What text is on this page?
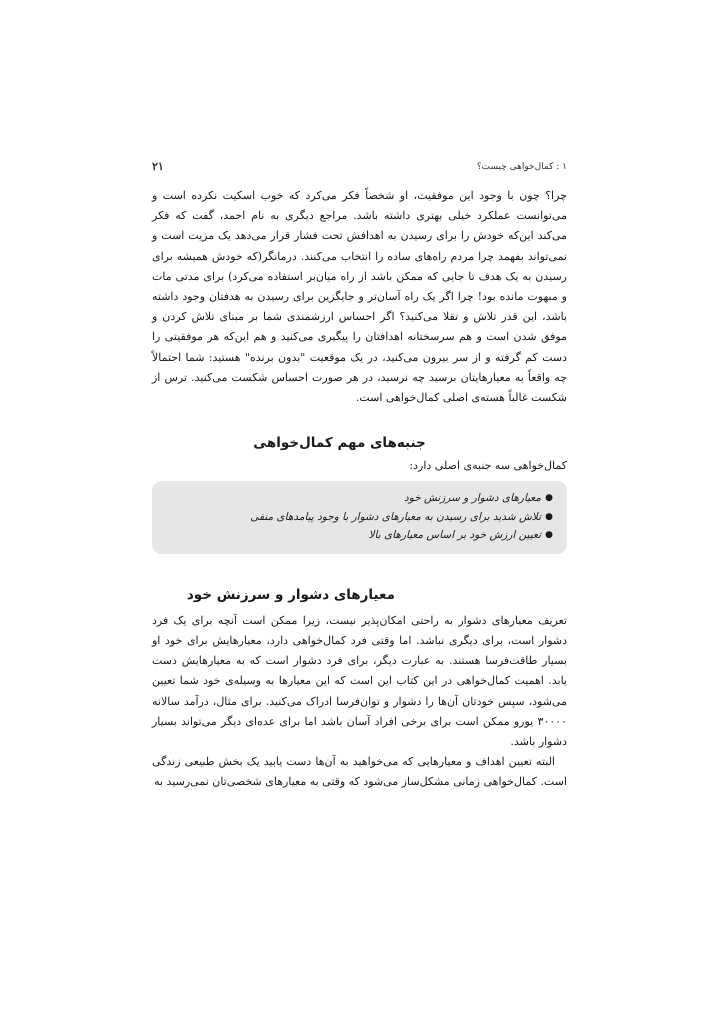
۱ : کمال‌خواهی چیست؟
۲۱

چرا؟ چون با وجود این موفقیت، او شخصاً فکر می‌کرد که خوب اسکیت نکرده است و می‌توانست عملکرد خیلی بهتری داشته باشد. مراجع دیگری به نام احمد، گفت که فکر می‌کند این‌که خودش را برای رسیدن به اهدافش تحت فشار قرار می‌دهد یک مزیت است و نمی‌تواند بفهمد چرا مردم راه‌های ساده را انتخاب می‌کنند. درمانگر(که خودش همیشه برای رسیدن به یک هدف تا جایی که ممکن باشد از راه میان‌بر استفاده می‌کرد) برای مدتی مات و مبهوت مانده بود! چرا اگر یک راه آسان‌تر و جایگزین برای رسیدن به هدفتان وجود داشته باشد، این قدر تلاش و تقلا می‌کنید؟ اگر احساس ارزشمندی شما بر مبنای تلاش کردن و موفق شدن است و هم سرسختانه اهدافتان را پیگیری می‌کنید و هم این‌که هر موفقیتی را دست کم گرفته و از سر بیرون می‌کنید، در یک موقعیت "بدون برنده" هستید: شما احتمالاً چه واقعاً به معیارهایتان برسید چه نرسید، در هر صورت احساس شکست می‌کنید. ترس از شکست غالباً هسته‌ی اصلی کمال‌خواهی است.

جنبه‌های مهم کمال‌خواهی

کمال‌خواهی سه جنبه‌ی اصلی دارد:

●
معیارهای دشوار و سرزنش خود
●
تلاش شدید برای رسیدن به معیارهای دشوار با وجود پیامدهای منفی
●
تعیین ارزش خود بر اساس معیارهای بالا
معیارهای دشوار و سرزنش خود

تعریف معیارهای دشوار به راحتی امکان‌پذیر نیست، زیرا ممکن است آنچه برای یک فرد دشوار است، برای دیگری نباشد. اما وقتی فرد کمال‌خواهی دارد، معیارهایش برای خود او بسیار طاقت‌فرسا هستند. به عبارت دیگر، برای فرد دشوار است که به معیارهایش دست یابد. اهمیت کمال‌خواهی در این کتاب این است که این معیارها به وسیله‌ی خود شما تعیین می‌شود، سپس خودتان آن‌ها را دشوار و توان‌فرسا ادراک می‌کنید. برای مثال، درآمد سالانه ۳۰۰۰۰ یورو ممکن است برای برخی افراد آسان باشد اما برای عده‌ای دیگر می‌تواند بسیار دشوار باشد.

البته تعیین اهداف و معیارهایی که می‌خواهید به آن‌ها دست یابید یک بخش طبیعی زندگی است. کمال‌خواهی زمانی مشکل‌ساز می‌شود که وقتی به معیارهای شخصی‌تان نمی‌رسید به
